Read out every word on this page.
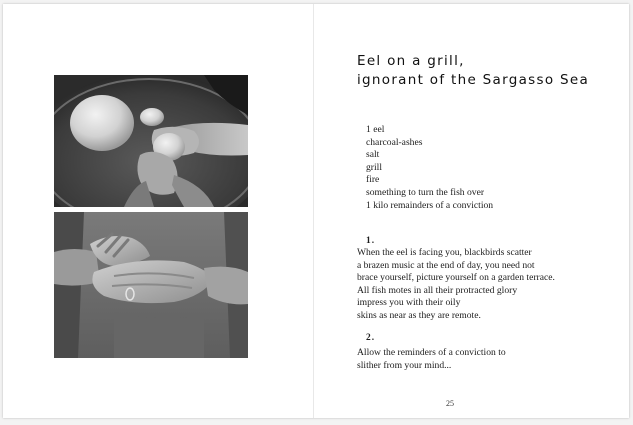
Eel on a grill,
ignorant of the Sargasso Sea
1 eel
charcoal-ashes
salt
grill
fire
something to turn the fish over
1 kilo remainders of a conviction
1.
When the eel is facing you, blackbirds scatter
a brazen music at the end of day, you need not
brace yourself, picture yourself on a garden terrace.
All fish motes in all their protracted glory
impress you with their oily
skins as near as they are remote.
2.
Allow the reminders of a conviction to
slither from your mind...
25
